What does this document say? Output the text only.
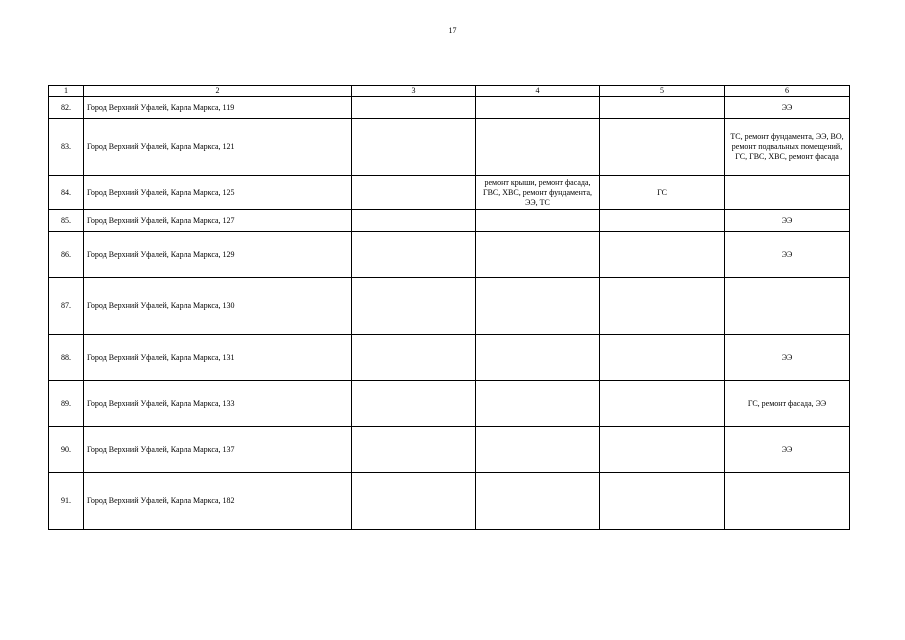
17
1	2	3	4	5	6
82.	Город Верхний Уфалей, Карла Маркса, 119				ЭЭ
83.	Город Верхний Уфалей, Карла Маркса, 121				ТС, ремонт фундамента, ЭЭ, ВО, ремонт подвальных помещений, ГС, ГВС, ХВС, ремонт фасада
84.	Город Верхний Уфалей, Карла Маркса, 125		ремонт крыши, ремонт фасада, ГВС, ХВС, ремонт фундамента, ЭЭ, ТС	ГС	
85.	Город Верхний Уфалей, Карла Маркса, 127				ЭЭ
86.	Город Верхний Уфалей, Карла Маркса, 129				ЭЭ
87.	Город Верхний Уфалей, Карла Маркса, 130				
88.	Город Верхний Уфалей, Карла Маркса, 131				ЭЭ
89.	Город Верхний Уфалей, Карла Маркса, 133				ГС, ремонт фасада, ЭЭ
90.	Город Верхний Уфалей, Карла Маркса, 137				ЭЭ
91.	Город Верхний Уфалей, Карла Маркса, 182				
